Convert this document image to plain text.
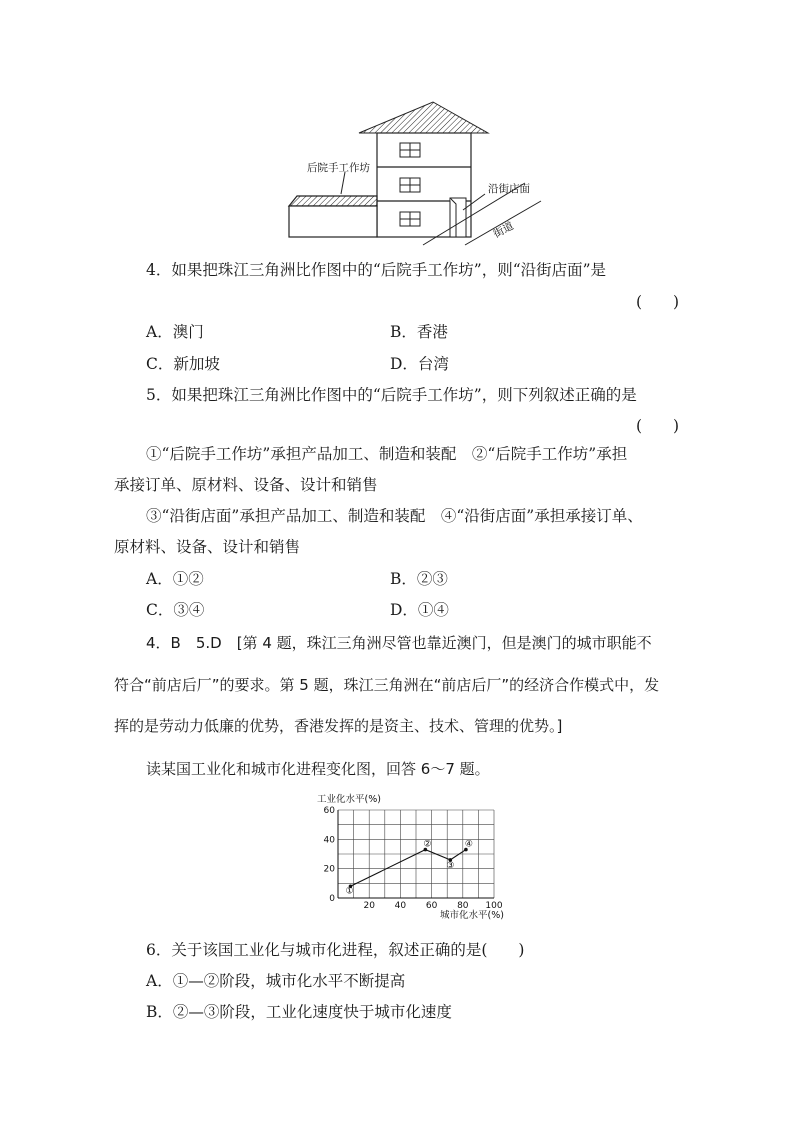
后院手工作坊
沿街店面
街道
4．如果把珠江三角洲比作图中的“后院手工作坊”，则“沿街店面”是
(　　)
A．澳门	B．香港
C．新加坡	D．台湾
5．如果把珠江三角洲比作图中的“后院手工作坊”，则下列叙述正确的是
(　　)
①“后院手工作坊”承担产品加工、制造和装配　②“后院手工作坊”承担
承接订单、原材料、设备、设计和销售
③“沿街店面”承担产品加工、制造和装配　④“沿街店面”承担承接订单、
原材料、设备、设计和销售
A．①②	B．②③
C．③④	D．①④
4．B　5.D　[第 4 题，珠江三角洲尽管也靠近澳门，但是澳门的城市职能不
符合“前店后厂”的要求。第 5 题，珠江三角洲在“前店后厂”的经济合作模式中，发
挥的是劳动力低廉的优势，香港发挥的是资主、技术、管理的优势。]
读某国工业化和城市化进程变化图，回答 6～7 题。
20 40 60 80 100
0
20
40
60
①
②
③
④
工业化水平(%)
城市化水平(%)
6．关于该国工业化与城市化进程，叙述正确的是(　　)
A．①—②阶段，城市化水平不断提高
B．②—③阶段，工业化速度快于城市化速度
